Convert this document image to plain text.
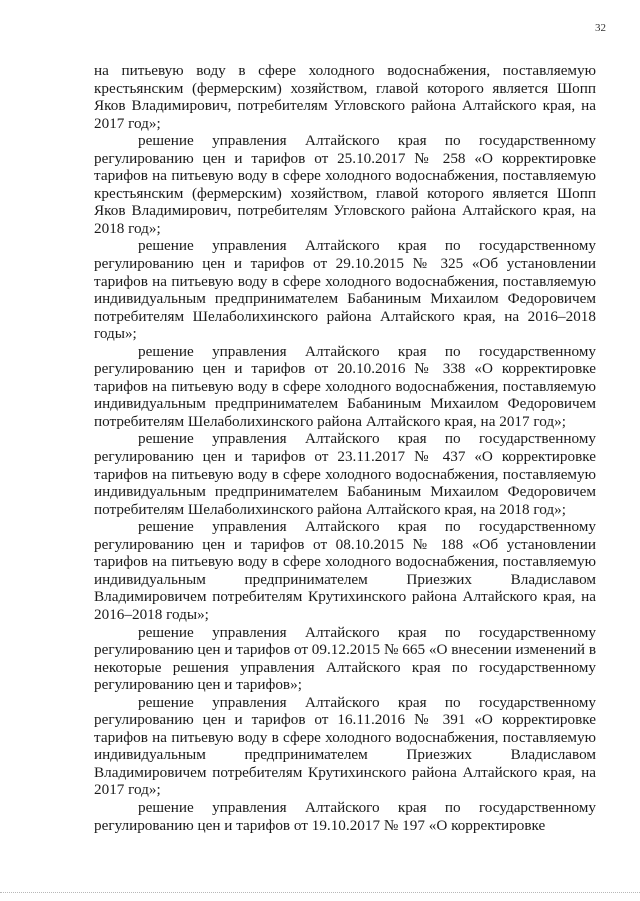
32

на питьевую воду в сфере холодного водоснабжения, поставляемую крестьянским (фермерским) хозяйством, главой которого является Шопп Яков Владимирович, потребителям Угловского района Алтайского края, на 2017 год»;

решение управления Алтайского края по государственному регулированию цен и тарифов от 25.10.2017 № 258 «О корректировке тарифов на питьевую воду в сфере холодного водоснабжения, поставляемую крестьянским (фермерским) хозяйством, главой которого является Шопп Яков Владимирович, потребителям Угловского района Алтайского края, на 2018 год»;

решение управления Алтайского края по государственному регулированию цен и тарифов от 29.10.2015 № 325 «Об установлении тарифов на питьевую воду в сфере холодного водоснабжения, поставляемую индивидуальным предпринимателем Бабаниным Михаилом Федоровичем потребителям Шелаболихинского района Алтайского края, на 2016–2018 годы»;

решение управления Алтайского края по государственному регулированию цен и тарифов от 20.10.2016 № 338 «О корректировке тарифов на питьевую воду в сфере холодного водоснабжения, поставляемую индивидуальным предпринимателем Бабаниным Михаилом Федоровичем потребителям Шелаболихинского района Алтайского края, на 2017 год»;

решение управления Алтайского края по государственному регулированию цен и тарифов от 23.11.2017 № 437 «О корректировке тарифов на питьевую воду в сфере холодного водоснабжения, поставляемую индивидуальным предпринимателем Бабаниным Михаилом Федоровичем потребителям Шелаболихинского района Алтайского края, на 2018 год»;

решение управления Алтайского края по государственному регулированию цен и тарифов от 08.10.2015 № 188 «Об установлении тарифов на питьевую воду в сфере холодного водоснабжения, поставляемую индивидуальным предпринимателем Приезжих Владиславом Владимировичем потребителям Крутихинского района Алтайского края, на 2016–2018 годы»;

решение управления Алтайского края по государственному регулированию цен и тарифов от 09.12.2015 № 665 «О внесении изменений в некоторые решения управления Алтайского края по государственному регулированию цен и тарифов»;

решение управления Алтайского края по государственному регулированию цен и тарифов от 16.11.2016 № 391 «О корректировке тарифов на питьевую воду в сфере холодного водоснабжения, поставляемую индивидуальным предпринимателем Приезжих Владиславом Владимировичем потребителям Крутихинского района Алтайского края, на 2017 год»;

решение управления Алтайского края по государственному регулированию цен и тарифов от 19.10.2017 № 197 «О корректировке
